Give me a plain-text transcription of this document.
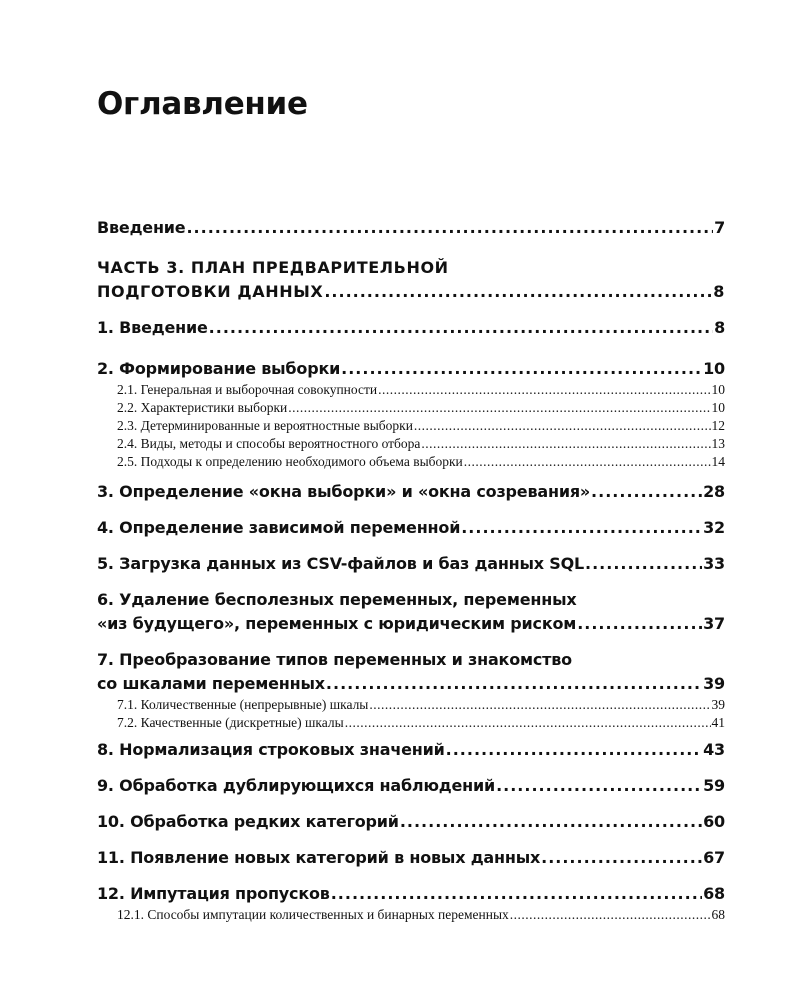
Оглавление
Введение .....	7
ЧАСТЬ 3. ПЛАН ПРЕДВАРИТЕЛЬНОЙ
ПОДГОТОВКИ ДАННЫХ .....	8
1. Введение .....	8
2. Формирование выборки .....	10
2.1. Генеральная и выборочная совокупности .....	10
2.2. Характеристики выборки .....	10
2.3. Детерминированные и вероятностные выборки .....	12
2.4. Виды, методы и способы вероятностного отбора .....	13
2.5. Подходы к определению необходимого объема выборки .....	14
3. Определение «окна выборки» и «окна созревания» .....	28
4. Определение зависимой переменной .....	32
5. Загрузка данных из CSV-файлов и баз данных SQL .....	33
6. Удаление бесполезных переменных, переменных
«из будущего», переменных с юридическим риском .....	37
7. Преобразование типов переменных и знакомство
со шкалами переменных .....	39
7.1. Количественные (непрерывные) шкалы .....	39
7.2. Качественные (дискретные) шкалы .....	41
8. Нормализация строковых значений .....	43
9. Обработка дублирующихся наблюдений .....	59
10. Обработка редких категорий .....	60
11. Появление новых категорий в новых данных .....	67
12. Импутация пропусков .....	68
12.1. Способы импутации количественных и бинарных переменных .....	68
